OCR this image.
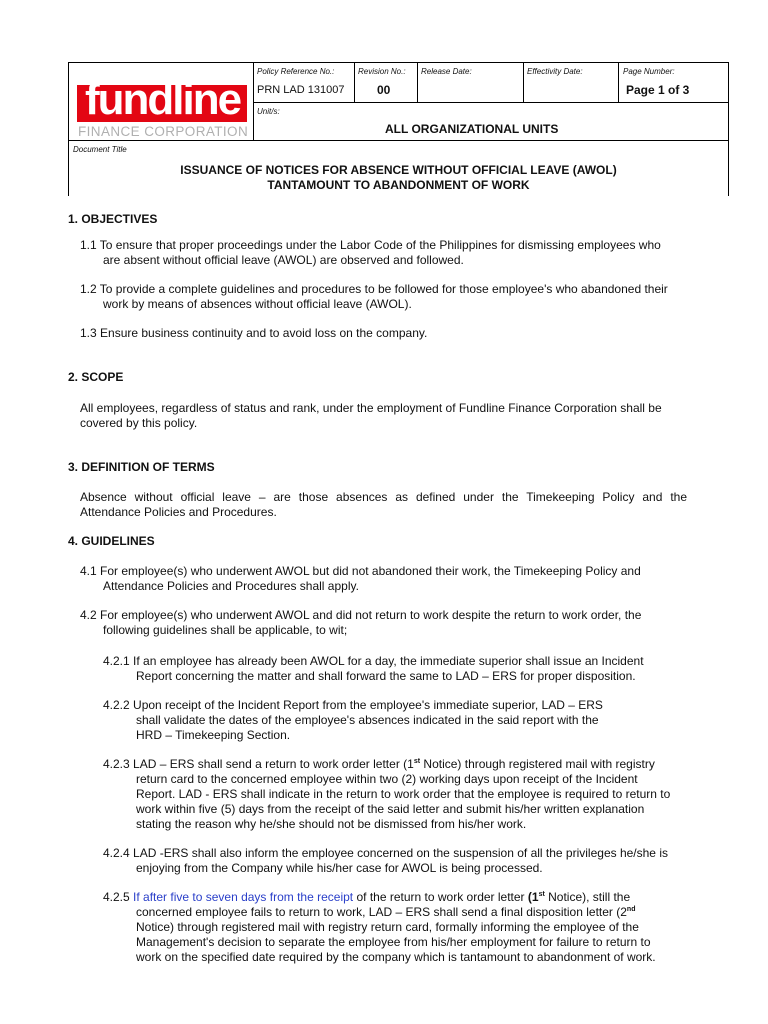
fundline
FINANCE CORPORATION
Policy Reference No.:
PRN LAD 131007
Revision No.:
00
Release Date:	Effectivity Date:	Page Number:
Page 1 of 3
Unit/s:
ALL ORGANIZATIONAL UNITS
Document Title
ISSUANCE OF NOTICES FOR ABSENCE WITHOUT OFFICIAL LEAVE (AWOL)
TANTAMOUNT TO ABANDONMENT OF WORK
1. OBJECTIVES
1.1 To ensure that proper proceedings under the Labor Code of the Philippines for dismissing employees who
are absent without official leave (AWOL) are observed and followed.
1.2 To provide a complete guidelines and procedures to be followed for those employee's who abandoned their
work by means of absences without official leave (AWOL).
1.3 Ensure business continuity and to avoid loss on the company.
2. SCOPE
All employees, regardless of status and rank, under the employment of Fundline Finance Corporation shall be
covered by this policy.
3. DEFINITION OF TERMS
Absence without official leave – are those absences as defined under the Timekeeping Policy and the
Attendance Policies and Procedures.
4. GUIDELINES
4.1 For employee(s) who underwent AWOL but did not abandoned their work, the Timekeeping Policy and
Attendance Policies and Procedures shall apply.
4.2 For employee(s) who underwent AWOL and did not return to work despite the return to work order, the
following guidelines shall be applicable, to wit;
4.2.1 If an employee has already been AWOL for a day, the immediate superior shall issue an Incident
Report concerning the matter and shall forward the same to LAD – ERS for proper disposition.
4.2.2 Upon receipt of the Incident Report from the employee's immediate superior, LAD – ERS
shall validate the dates of the employee's absences indicated in the said report with the
HRD – Timekeeping Section.
4.2.3 LAD – ERS shall send a return to work order letter (1st Notice) through registered mail with registry
return card to the concerned employee within two (2) working days upon receipt of the Incident
Report. LAD - ERS shall indicate in the return to work order that the employee is required to return to
work within five (5) days from the receipt of the said letter and submit his/her written explanation
stating the reason why he/she should not be dismissed from his/her work.
4.2.4 LAD -ERS shall also inform the employee concerned on the suspension of all the privileges he/she is
enjoying from the Company while his/her case for AWOL is being processed.
4.2.5 If after five to seven days from the receipt of the return to work order letter (1st Notice), still the
concerned employee fails to return to work, LAD – ERS shall send a final disposition letter (2nd
Notice) through registered mail with registry return card, formally informing the employee of the
Management's decision to separate the employee from his/her employment for failure to return to
work on the specified date required by the company which is tantamount to abandonment of work.
